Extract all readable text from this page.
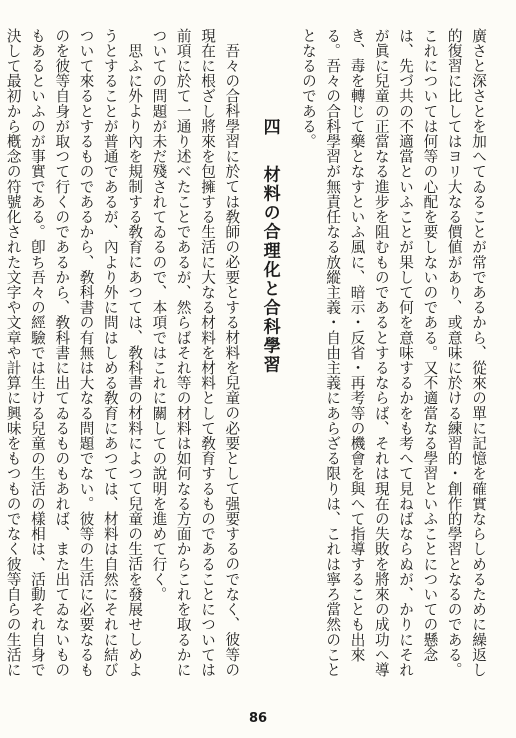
廣さと深さとを加へてゐることが常であるから、從來の單に記憶を確實ならしめるために繰返し的復習に比してはヨリ大なる價値があり、或意味に於ける練習的・創作的學習となるのである。これについては何等の心配を要しないのである。又不適當なる學習といふことについての懸念は、先づ共の不適當といふことが果して何を意味するかをも考へて見ねばならぬが、かりにそれが眞に兒童の正當なる進步を阻むものであるとするならば、それは現在の失敗を將來の成功へ導き、毒を轉じて藥となすといふ風に、暗示・反省・再考等の機會を與へて指導することも出來る。吾々の合科學習が無責任なる放縱主義・自由主義にあらざる限りは、これは寧ろ當然のこととなるのである。

四 材料の合理化と合科學習

吾々の合科學習に於ては敎師の必要とする材料を兒童の必要として强要するのでなく、彼等の現在に根ざし將來を包擁する生活に大なる材料を材料として敎育するものであることについては前項に於て一通り述べたことであるが、然らばそれ等の材料は如何なる方面からこれを取るかについての問題が未だ殘されてゐるので、本項ではこれに關しての說明を進めて行く。

思ふに外より內を規制する敎育にあつては、敎科書の材料によつて兒童の生活を發展せしめようとすることが普通であるが、內より外に問はしめる敎育にあつては、材料は自然にそれに結びついて來るとするものであるから、敎科書の有無は大なる問題でない。彼等の生活に必要なるものを彼等自身が取つて行くのであるから、敎科書に出てゐるものもあれば、また出てゐないものもあるといふのが事實である。卽ち吾々の經驗では生ける兒童の生活の樣相は、活動それ自身で決して最初から槪念の符號化された文字や文章や計算に興味をもつものでなく彼等自らの生活に

86
